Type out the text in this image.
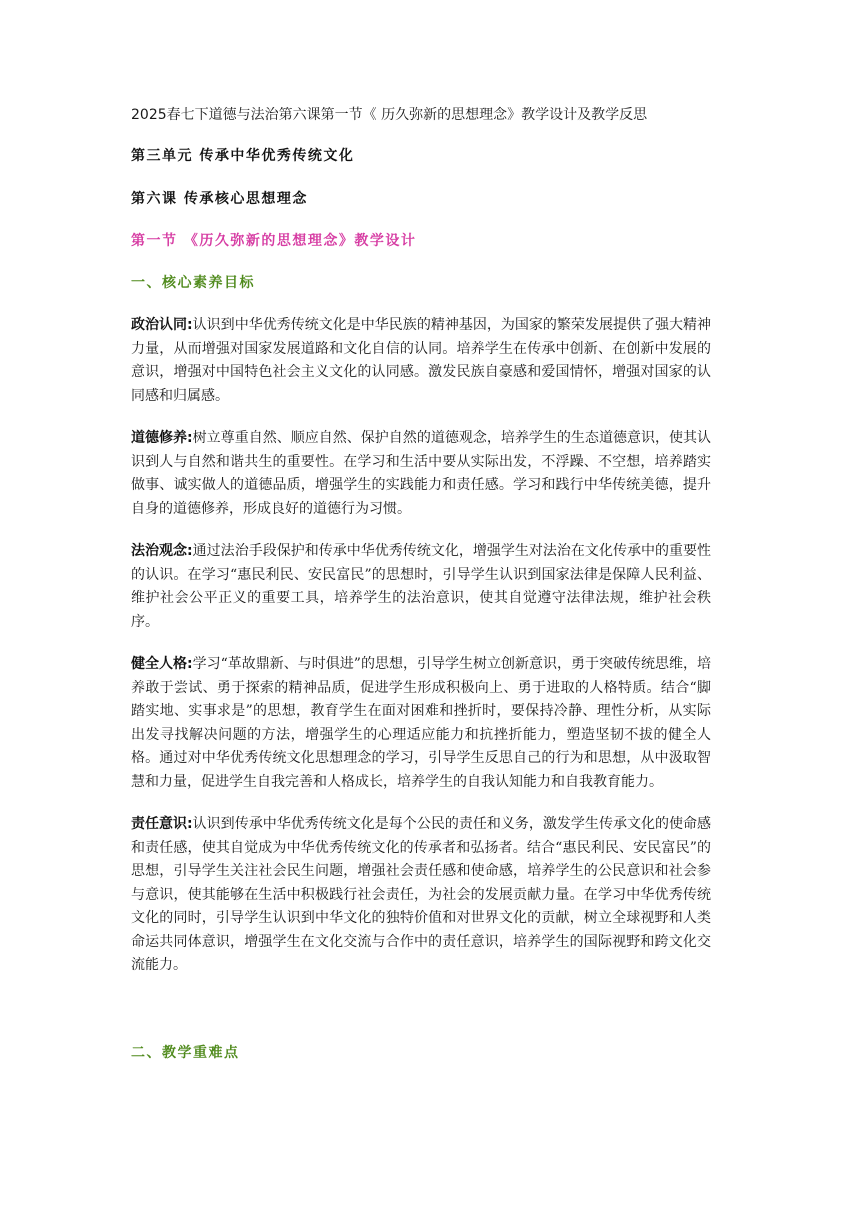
2025春七下道德与法治第六课第一节《 历久弥新的思想理念》教学设计及教学反思

第三单元 传承中华优秀传统文化

第六课 传承核心思想理念

第一节 《历久弥新的思想理念》教学设计

一、核心素养目标

政治认同:认识到中华优秀传统文化是中华民族的精神基因，为国家的繁荣发展提供了强大精神力量，从而增强对国家发展道路和文化自信的认同。培养学生在传承中创新、在创新中发展的意识，增强对中国特色社会主义文化的认同感。激发民族自豪感和爱国情怀，增强对国家的认同感和归属感。

道德修养:树立尊重自然、顺应自然、保护自然的道德观念，培养学生的生态道德意识，使其认识到人与自然和谐共生的重要性。在学习和生活中要从实际出发，不浮躁、不空想，培养踏实做事、诚实做人的道德品质，增强学生的实践能力和责任感。学习和践行中华传统美德，提升自身的道德修养，形成良好的道德行为习惯。

法治观念:通过法治手段保护和传承中华优秀传统文化，增强学生对法治在文化传承中的重要性的认识。在学习“惠民利民、安民富民”的思想时，引导学生认识到国家法律是保障人民利益、维护社会公平正义的重要工具，培养学生的法治意识，使其自觉遵守法律法规，维护社会秩序。

健全人格:学习“革故鼎新、与时俱进”的思想，引导学生树立创新意识，勇于突破传统思维，培养敢于尝试、勇于探索的精神品质，促进学生形成积极向上、勇于进取的人格特质。结合“脚踏实地、实事求是”的思想，教育学生在面对困难和挫折时，要保持冷静、理性分析，从实际出发寻找解决问题的方法，增强学生的心理适应能力和抗挫折能力，塑造坚韧不拔的健全人格。通过对中华优秀传统文化思想理念的学习，引导学生反思自己的行为和思想，从中汲取智慧和力量，促进学生自我完善和人格成长，培养学生的自我认知能力和自我教育能力。

责任意识:认识到传承中华优秀传统文化是每个公民的责任和义务，激发学生传承文化的使命感和责任感，使其自觉成为中华优秀传统文化的传承者和弘扬者。结合“惠民利民、安民富民”的思想，引导学生关注社会民生问题，增强社会责任感和使命感，培养学生的公民意识和社会参与意识，使其能够在生活中积极践行社会责任，为社会的发展贡献力量。在学习中华优秀传统文化的同时，引导学生认识到中华文化的独特价值和对世界文化的贡献，树立全球视野和人类命运共同体意识，增强学生在文化交流与合作中的责任意识，培养学生的国际视野和跨文化交流能力。

二、教学重难点
